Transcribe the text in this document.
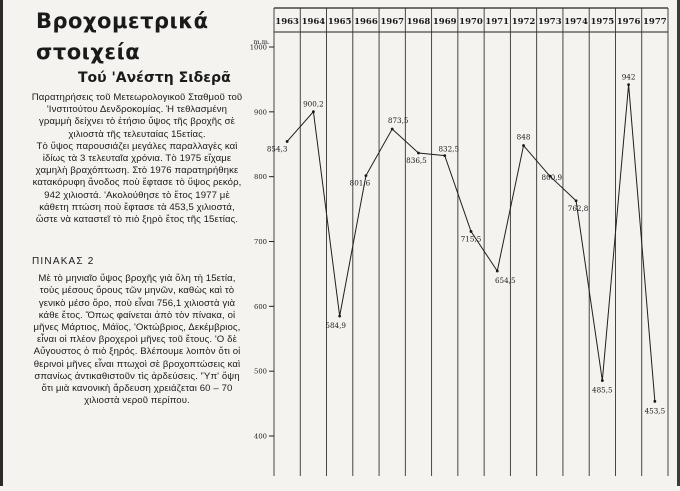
Βροχομετρικά
στοιχεία
Τού 'Ανέστη Σιδερᾶ

Παρατηρήσεις τοῦ Μετεωρολογικοῦ Σταθμοῦ τοῦ 'Ινστιτούτου Δενδροκομίας. Ἡ τεθλασμένη γραμμὴ δείχνει τὸ ἐτήσιο ὕψος τῆς βροχῆς σὲ χιλιοστὰ τῆς τελευταίας 15ετίας.

Τὸ ὕψος παρουσιάζει μεγάλες παραλλαγὲς καὶ ἰδίως τὰ 3 τελευταῖα χρόνια. Τὸ 1975 εἴχαμε χαμηλὴ βραχόπτωση. Στὸ 1976 παρατηρήθηκε κατακόρυφη ἄνοδος ποὺ ἔφτασε τὸ ὕψος ρεκόρ, 942 χιλιοστά. 'Ακολούθησε τὸ ἔτος 1977 μὲ κάθετη πτώση ποὺ ἔφτασε τὰ 453,5 χιλιοστά, ὥστε νὰ καταστεῖ τὸ πιὸ ξηρὸ ἔτος τῆς 15ετίας.

ΠΙΝΑΚΑΣ 2

Μὲ τὸ μηνιαῖο ὕψος βροχῆς γιὰ ὅλη τὴ 15ετία, τοὺς μέσους ὅρους τῶν μηνῶν, καθὼς καὶ τὸ γενικὸ μέσο ὅρο, ποὺ εἶναι 756,1 χιλιοστὰ γιὰ κάθε ἔτος. Ὅπως φαίνεται ἀπὸ τὸν πίνακα, οἱ μῆνες Μάρτιος, Μάϊος, 'Οκτώβριος, Δεκέμβριος, εἶναι οἱ πλέον βροχεροὶ μῆνες τοῦ ἔτους. 'Ο δὲ Αὔγουστος ὁ πιὸ ξηρός. Βλέπουμε λοιπὸν ὅτι οἱ θερινοὶ μῆνες εἶναι πτωχοὶ σὲ βροχοπτώσεις καὶ σπανίως ἀντικαθιστοῦν τὶς ἀρδεύσεις. 'Ὑπ' ὄψη ὅτι μιὰ κανονικὴ ἄρδευση χρειάζεται 60 – 70 χιλιοστὰ νεροῦ περίπου.

1963 1964 1965 1966 1967 1968 1969 1970 1971 1972 1973 1974 1975 1976 1977
m.m.
1000
900
800
700
600
500
400
854,3
900,2
584,9
801,6
873,5
836,5
832,5
715,5
654,5
848
800,9
762,8
485,5
942
453,5
